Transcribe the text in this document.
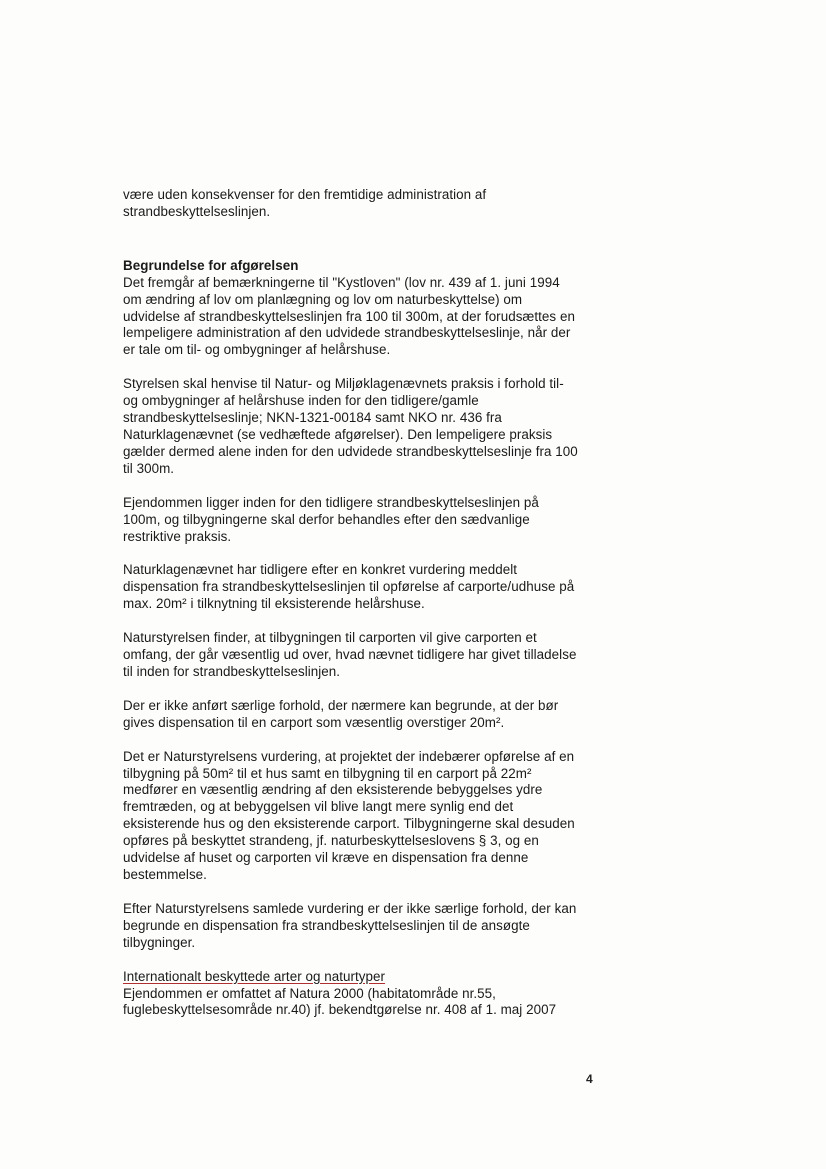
være uden konsekvenser for den fremtidige administration af
strandbeskyttelseslinjen.

Begrundelse for afgørelsen

Det fremgår af bemærkningerne til "Kystloven" (lov nr. 439 af 1. juni 1994
om ændring af lov om planlægning og lov om naturbeskyttelse) om
udvidelse af strandbeskyttelseslinjen fra 100 til 300m, at der forudsættes en
lempeligere administration af den udvidede strandbeskyttelseslinje, når der
er tale om til- og ombygninger af helårshuse.

Styrelsen skal henvise til Natur- og Miljøklagenævnets praksis i forhold til-
og ombygninger af helårshuse inden for den tidligere/gamle
strandbeskyttelseslinje; NKN-1321-00184 samt NKO nr. 436 fra
Naturklagenævnet (se vedhæftede afgørelser). Den lempeligere praksis
gælder dermed alene inden for den udvidede strandbeskyttelseslinje fra 100
til 300m.

Ejendommen ligger inden for den tidligere strandbeskyttelseslinjen på
100m, og tilbygningerne skal derfor behandles efter den sædvanlige
restriktive praksis.

Naturklagenævnet har tidligere efter en konkret vurdering meddelt
dispensation fra strandbeskyttelseslinjen til opførelse af carporte/udhuse på
max. 20m² i tilknytning til eksisterende helårshuse.

Naturstyrelsen finder, at tilbygningen til carporten vil give carporten et
omfang, der går væsentlig ud over, hvad nævnet tidligere har givet tilladelse
til inden for strandbeskyttelseslinjen.

Der er ikke anført særlige forhold, der nærmere kan begrunde, at der bør
gives dispensation til en carport som væsentlig overstiger 20m².

Det er Naturstyrelsens vurdering, at projektet der indebærer opførelse af en
tilbygning på 50m² til et hus samt en tilbygning til en carport på 22m²
medfører en væsentlig ændring af den eksisterende bebyggelses ydre
fremtræden, og at bebyggelsen vil blive langt mere synlig end det
eksisterende hus og den eksisterende carport. Tilbygningerne skal desuden
opføres på beskyttet strandeng, jf. naturbeskyttelseslovens § 3, og en
udvidelse af huset og carporten vil kræve en dispensation fra denne
bestemmelse.

Efter Naturstyrelsens samlede vurdering er der ikke særlige forhold, der kan
begrunde en dispensation fra strandbeskyttelseslinjen til de ansøgte
tilbygninger.

Internationalt beskyttede arter og naturtyper

Ejendommen er omfattet af Natura 2000 (habitatområde nr.55,
fuglebeskyttelsesområde nr.40) jf. bekendtgørelse nr. 408 af 1. maj 2007

4
